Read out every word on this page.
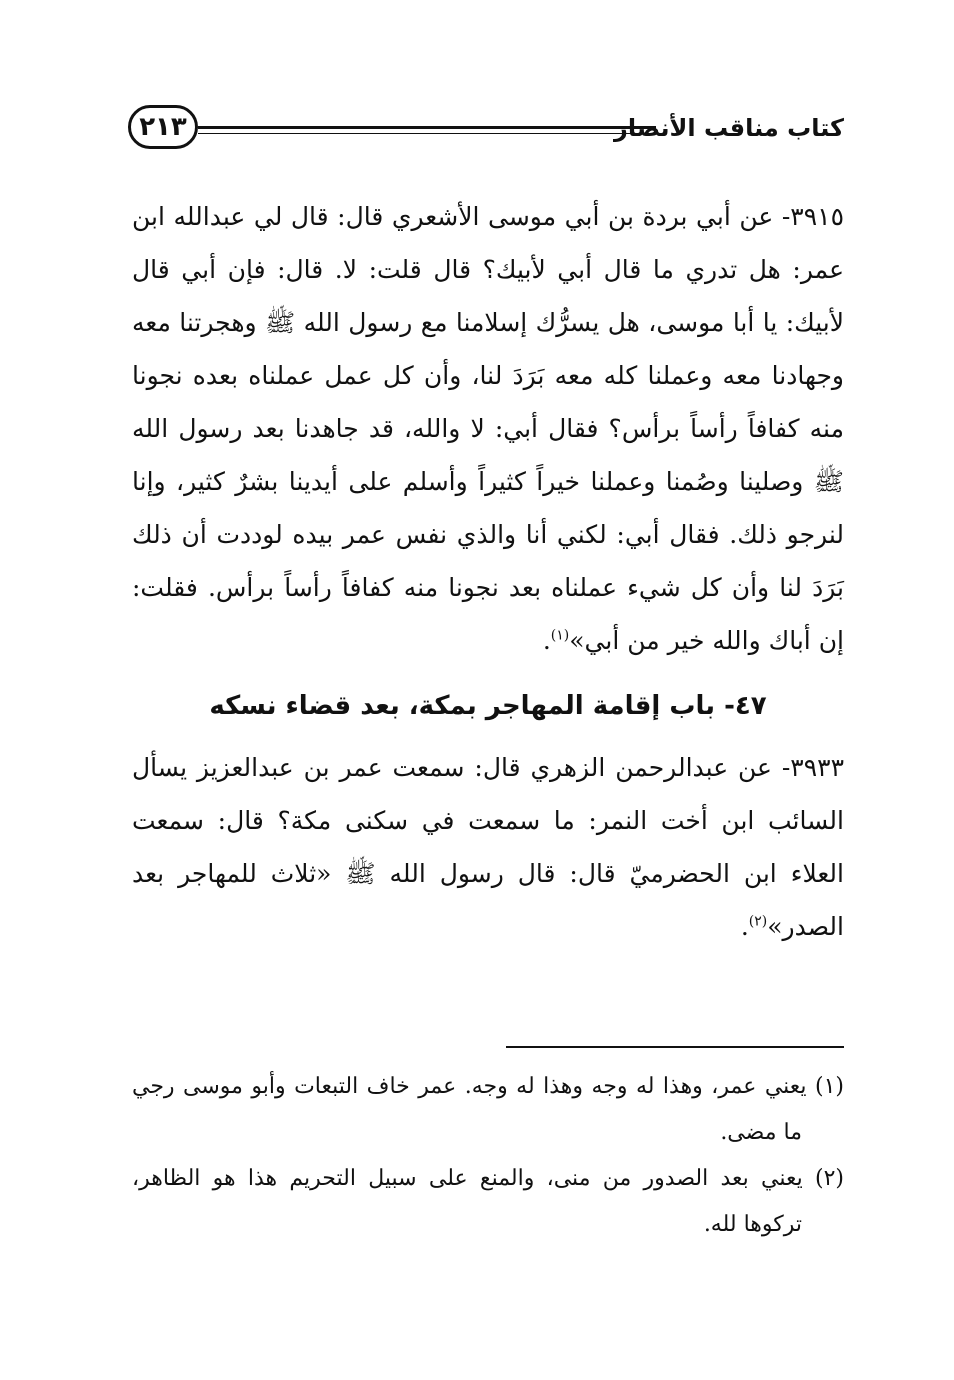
كتاب مناقب الأنصار
٢١٣

٣٩١٥- عن أبي بردة بن أبي موسى الأشعري قال: قال لي عبدالله ابن عمر: هل تدري ما قال أبي لأبيك؟ قال قلت: لا. قال: فإن أبي قال لأبيك: يا أبا موسى، هل يسرُّك إسلامنا مع رسول الله ﷺ وهجرتنا معه وجهادنا معه وعملنا كله معه بَرَدَ لنا، وأن كل عمل عملناه بعده نجونا منه كفافاً رأساً برأس؟ فقال أبي: لا والله، قد جاهدنا بعد رسول الله ﷺ وصلينا وصُمنا وعملنا خيراً كثيراً وأسلم على أيدينا بشرٌ كثير، وإنا لنرجو ذلك. فقال أبي: لكني أنا والذي نفس عمر بيده لوددت أن ذلك بَرَدَ لنا وأن كل شيء عملناه بعد نجونا منه كفافاً رأساً برأس. فقلت: إن أباك والله خير من أبي»$^{(١)}$.

٤٧- باب إقامة المهاجر بمكة، بعد قضاء نسكه

٣٩٣٣- عن عبدالرحمن الزهري قال: سمعت عمر بن عبدالعزيز يسأل السائب ابن أخت النمر: ما سمعت في سكنى مكة؟ قال: سمعت العلاء ابن الحضرميّ قال: قال رسول الله ﷺ «ثلاث للمهاجر بعد الصدر»$^{(٢)}$.

(١) يعني عمر، وهذا له وجه وهذا له وجه. عمر خاف التبعات وأبو موسى رجي ما مضى.

(٢) يعني بعد الصدور من منى، والمنع على سبيل التحريم هذا هو الظاهر، تركوها لله.
